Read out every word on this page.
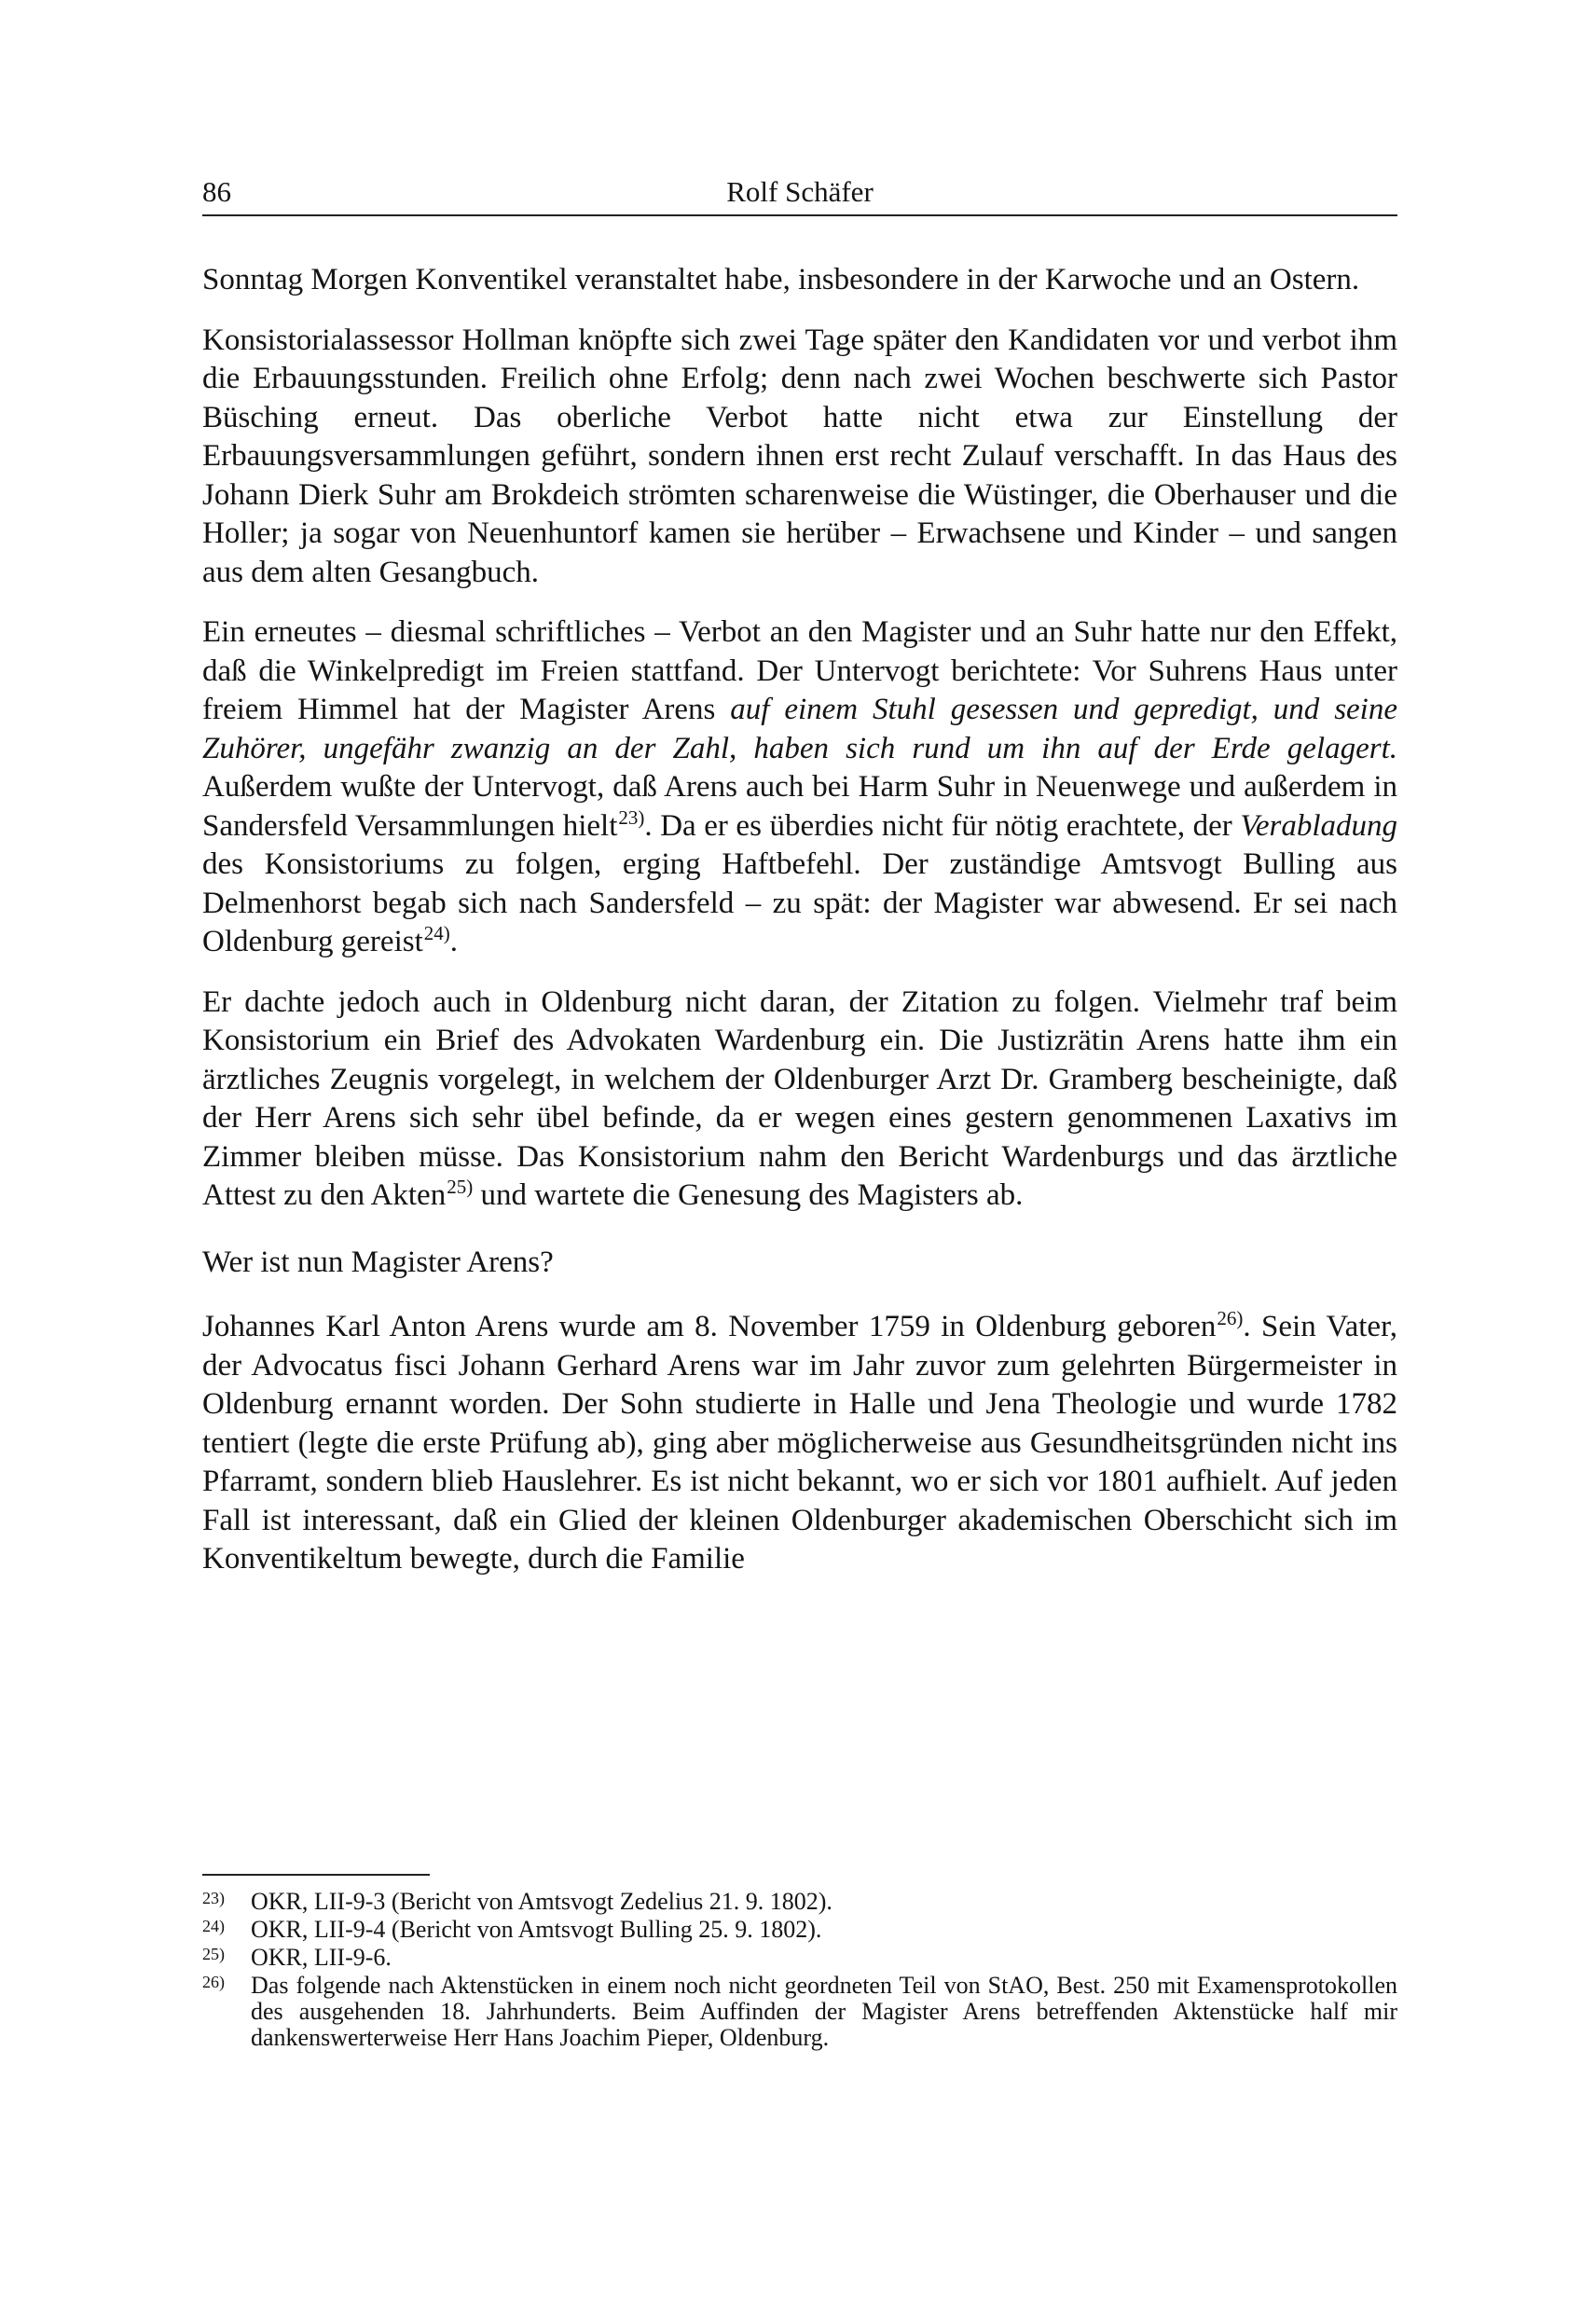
86	Rolf Schäfer

Sonntag Morgen Konventikel veranstaltet habe, insbesondere in der Karwoche und an Ostern.

Konsistorialassessor Hollman knöpfte sich zwei Tage später den Kandidaten vor und verbot ihm die Erbauungsstunden. Freilich ohne Erfolg; denn nach zwei Wochen beschwerte sich Pastor Büsching erneut. Das oberliche Verbot hatte nicht etwa zur Einstellung der Erbauungsversammlungen geführt, sondern ihnen erst recht Zulauf verschafft. In das Haus des Johann Dierk Suhr am Brokdeich strömten scharenweise die Wüstinger, die Oberhauser und die Holler; ja sogar von Neuenhuntorf kamen sie herüber – Erwachsene und Kinder – und sangen aus dem alten Gesangbuch.

Ein erneutes – diesmal schriftliches – Verbot an den Magister und an Suhr hatte nur den Effekt, daß die Winkelpredigt im Freien stattfand. Der Untervogt berichtete: Vor Suhrens Haus unter freiem Himmel hat der Magister Arens auf einem Stuhl gesessen und gepredigt, und seine Zuhörer, ungefähr zwanzig an der Zahl, haben sich rund um ihn auf der Erde gelagert. Außerdem wußte der Untervogt, daß Arens auch bei Harm Suhr in Neuenwege und außerdem in Sandersfeld Versammlungen hielt$^{23)}$. Da er es überdies nicht für nötig erachtete, der Verabladung des Konsistoriums zu folgen, erging Haftbefehl. Der zuständige Amtsvogt Bulling aus Delmenhorst begab sich nach Sandersfeld – zu spät: der Magister war abwesend. Er sei nach Oldenburg gereist$^{24)}$.

Er dachte jedoch auch in Oldenburg nicht daran, der Zitation zu folgen. Vielmehr traf beim Konsistorium ein Brief des Advokaten Wardenburg ein. Die Justizrätin Arens hatte ihm ein ärztliches Zeugnis vorgelegt, in welchem der Oldenburger Arzt Dr. Gramberg bescheinigte, daß der Herr Arens sich sehr übel befinde, da er wegen eines gestern genommenen Laxativs im Zimmer bleiben müsse. Das Konsistorium nahm den Bericht Wardenburgs und das ärztliche Attest zu den Akten$^{25)}$ und wartete die Genesung des Magisters ab.

Wer ist nun Magister Arens?

Johannes Karl Anton Arens wurde am 8. November 1759 in Oldenburg geboren$^{26)}$. Sein Vater, der Advocatus fisci Johann Gerhard Arens war im Jahr zuvor zum gelehrten Bürgermeister in Oldenburg ernannt worden. Der Sohn studierte in Halle und Jena Theologie und wurde 1782 tentiert (legte die erste Prüfung ab), ging aber möglicherweise aus Gesundheitsgründen nicht ins Pfarramt, sondern blieb Hauslehrer. Es ist nicht bekannt, wo er sich vor 1801 aufhielt. Auf jeden Fall ist interessant, daß ein Glied der kleinen Oldenburger akademischen Oberschicht sich im Konventikeltum bewegte, durch die Familie

23) OKR, LII-9-3 (Bericht von Amtsvogt Zedelius 21. 9. 1802).
24) OKR, LII-9-4 (Bericht von Amtsvogt Bulling 25. 9. 1802).
25) OKR, LII-9-6.
26) Das folgende nach Aktenstücken in einem noch nicht geordneten Teil von StAO, Best. 250 mit Examensprotokollen des ausgehenden 18. Jahrhunderts. Beim Auffinden der Magister Arens betreffenden Aktenstücke half mir dankenswerterweise Herr Hans Joachim Pieper, Oldenburg.
